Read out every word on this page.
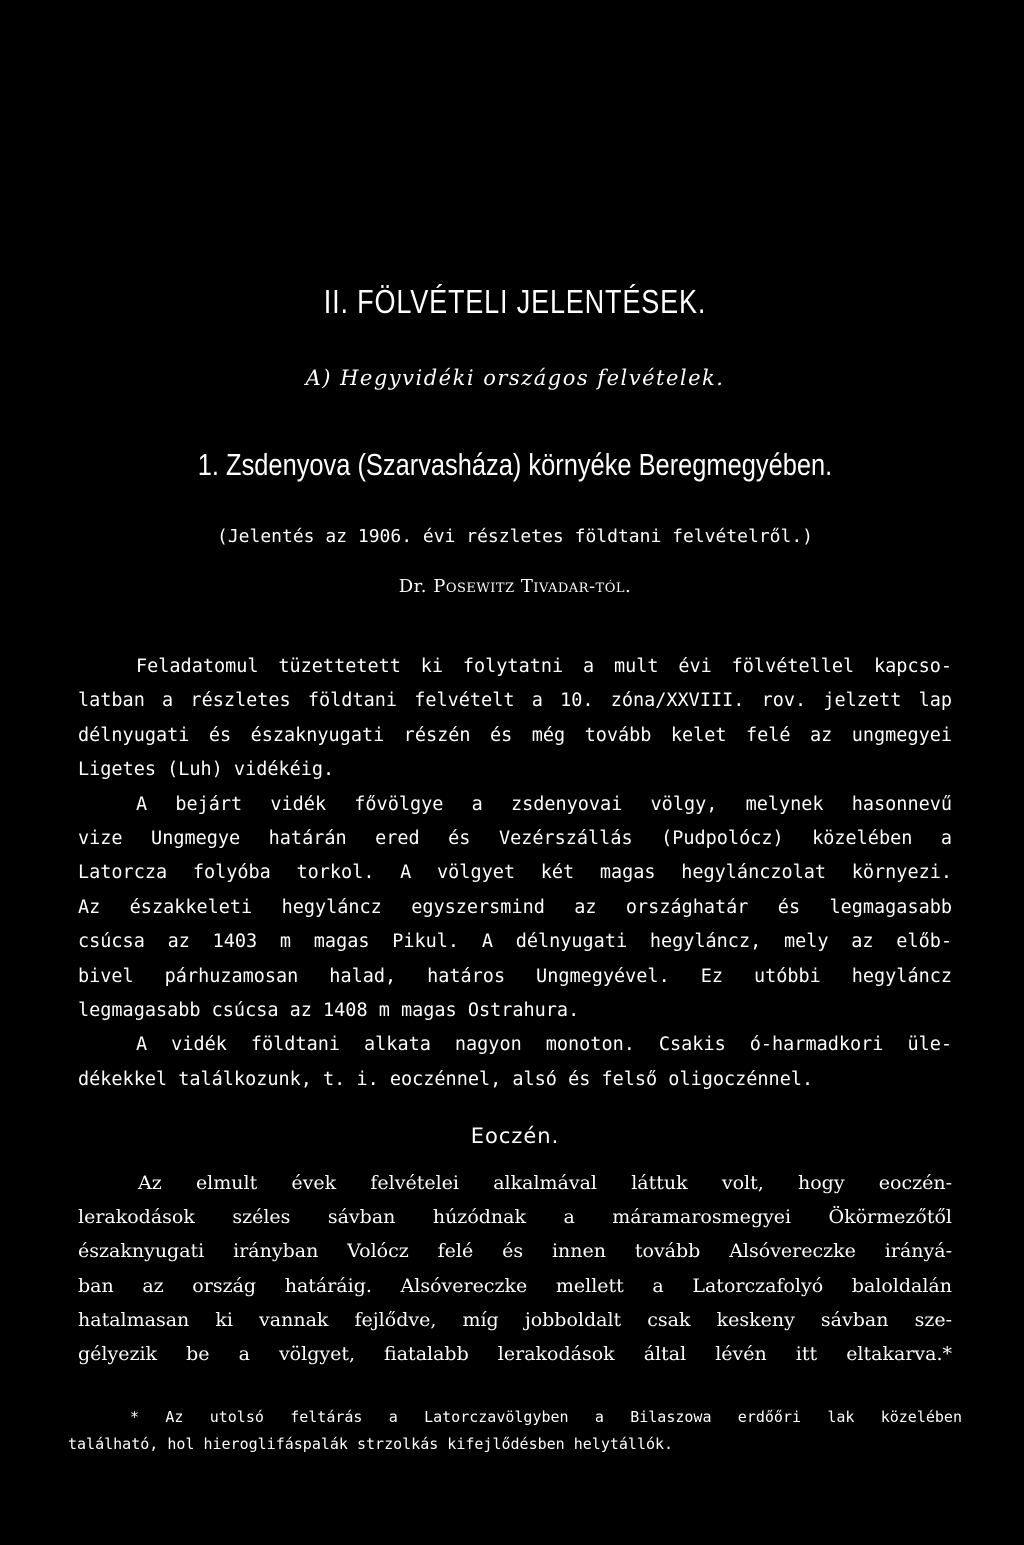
II. FÖLVÉTELI JELENTÉSEK.
A) Hegyvidéki országos felvételek.
1. Zsdenyova (Szarvasháza) környéke Beregmegyében.
(Jelentés az 1906. évi részletes földtani felvételről.)
Dr. Posewitz Tivadar-tól.
Feladatomul tüzettetett ki folytatni a mult évi fölvétellel kapcso-
latban a részletes földtani felvételt a 10. zóna/XXVIII. rov. jelzett lap
délnyugati és északnyugati részén és még tovább kelet felé az ungmegyei
Ligetes (Luh) vidékéig.
A bejárt vidék fővölgye a zsdenyovai völgy, melynek hasonnevű
vize Ungmegye határán ered és Vezérszállás (Pudpolócz) közelében a
Latorcza folyóba torkol. A völgyet két magas hegylánczolat környezi.
Az északkeleti hegyláncz egyszersmind az országhatár és legmagasabb
csúcsa az 1403 m magas Pikul. A délnyugati hegyláncz, mely az előb-
bivel párhuzamosan halad, határos Ungmegyével. Ez utóbbi hegyláncz
legmagasabb csúcsa az 1408 m magas Ostrahura.
A vidék földtani alkata nagyon monoton. Csakis ó-harmadkori üle-
dékekkel találkozunk, t. i. eoczénnel, alsó és felső oligoczénnel.
Eoczén.
Az elmult évek felvételei alkalmával láttuk volt, hogy eoczén-
lerakodások széles sávban húzódnak a máramarosmegyei Ökörmezőtől
északnyugati irányban Volócz felé és innen tovább Alsóvereczke irányá-
ban az ország határáig. Alsóvereczke mellett a Latorczafolyó baloldalán
hatalmasan ki vannak fejlődve, míg jobboldalt csak keskeny sávban sze-
gélyezik be a völgyet, fiatalabb lerakodások által lévén itt eltakarva.*
* Az utolsó feltárás a Latorczavölgyben a Bilaszowa erdőőri lak közelében
található, hol hieroglifáspalák strzolkás kifejlődésben helytállók.
